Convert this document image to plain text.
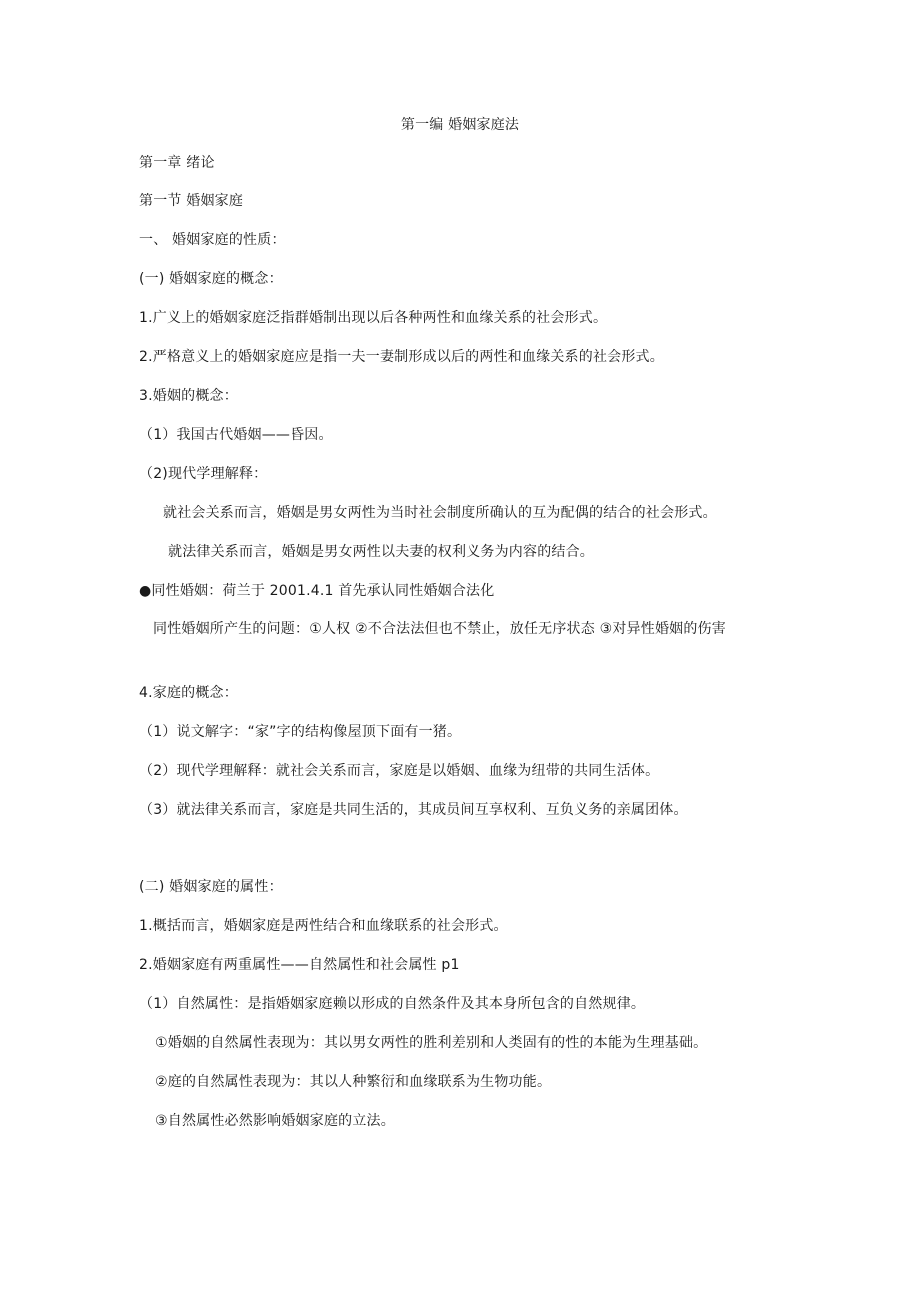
第一编 婚姻家庭法
第一章 绪论
第一节 婚姻家庭
一、 婚姻家庭的性质：
(一) 婚姻家庭的概念：
1.广义上的婚姻家庭泛指群婚制出现以后各种两性和血缘关系的社会形式。
2.严格意义上的婚姻家庭应是指一夫一妻制形成以后的两性和血缘关系的社会形式。
3.婚姻的概念：
（1）我国古代婚姻——昏因。
（2)现代学理解释：
就社会关系而言，婚姻是男女两性为当时社会制度所确认的互为配偶的结合的社会形式。
就法律关系而言，婚姻是男女两性以夫妻的权利义务为内容的结合。
●同性婚姻：荷兰于 2001.4.1 首先承认同性婚姻合法化
同性婚姻所产生的问题：①人权 ②不合法法但也不禁止，放任无序状态 ③对异性婚姻的伤害
4.家庭的概念：
（1）说文解字：“家”字的结构像屋顶下面有一猪。
（2）现代学理解释：就社会关系而言，家庭是以婚姻、血缘为纽带的共同生活体。
（3）就法律关系而言，家庭是共同生活的，其成员间互享权利、互负义务的亲属团体。
(二) 婚姻家庭的属性：
1.概括而言，婚姻家庭是两性结合和血缘联系的社会形式。
2.婚姻家庭有两重属性——自然属性和社会属性 p1
（1）自然属性：是指婚姻家庭赖以形成的自然条件及其本身所包含的自然规律。
①婚姻的自然属性表现为：其以男女两性的胜利差别和人类固有的性的本能为生理基础。
②庭的自然属性表现为：其以人种繁衍和血缘联系为生物功能。
③自然属性必然影响婚姻家庭的立法。
